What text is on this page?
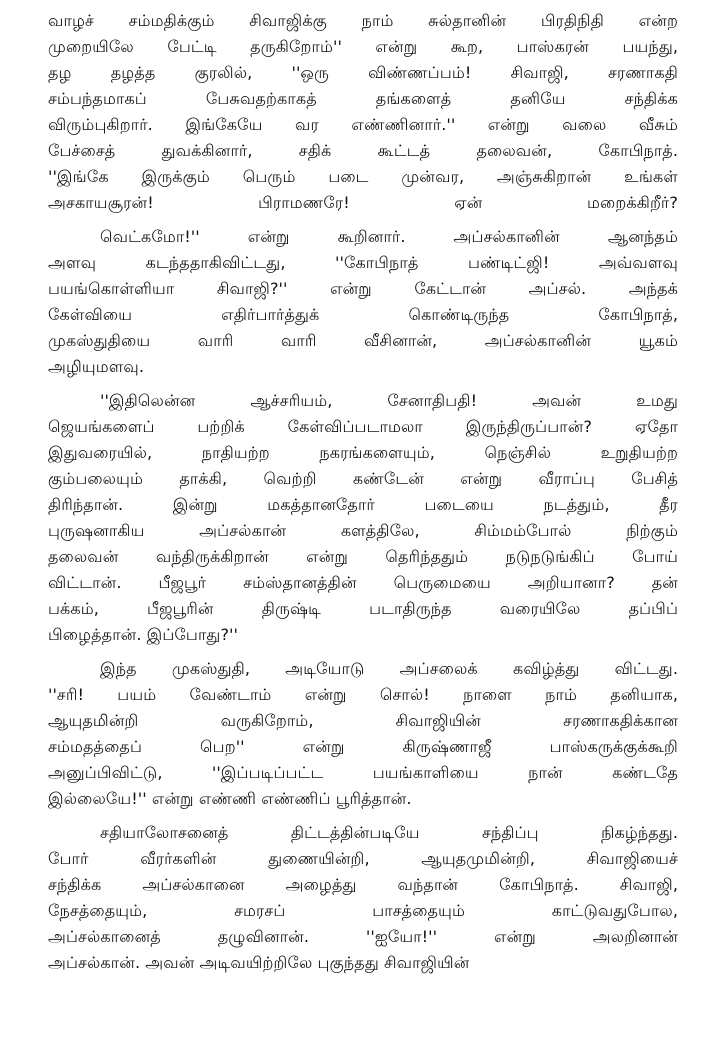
வாழச் சம்மதிக்கும் சிவாஜிக்கு நாம் சுல்தானின் பிரதிநிதி என்ற
முறையிலே பேட்டி தருகிறோம்'' என்று கூற, பாஸ்கரன் பயந்து,
தழ தழத்த குரலில், ''ஒரு விண்ணப்பம்! சிவாஜி, சரணாகதி
சம்பந்தமாகப் பேசுவதற்காகத் தங்களைத் தனியே சந்திக்க
விரும்புகிறார். இங்கேயே வர எண்ணினார்.'' என்று வலை வீசும்
பேச்சைத் துவக்கினார், சதிக் கூட்டத் தலைவன், கோபிநாத்.
''இங்கே இருக்கும் பெரும் படை முன்வர, அஞ்சுகிறான் உங்கள்
அசகாயசூரன்! பிராமணரே! ஏன் மறைக்கிறீர்?
வெட்கமோ!'' என்று கூறினார். அப்சல்கானின் ஆனந்தம்
அளவு கடந்ததாகிவிட்டது, ''கோபிநாத் பண்டிட்ஜி! அவ்வளவு
பயங்கொள்ளியா சிவாஜி?'' என்று கேட்டான் அப்சல். அந்தக்
கேள்வியை எதிர்பார்த்துக் கொண்டிருந்த கோபிநாத்,
முகஸ்துதியை வாரி வாரி வீசினான், அப்சல்கானின் யூகம்
அழியுமளவு.
''இதிலென்ன ஆச்சரியம், சேனாதிபதி! அவன் உமது
ஜெயங்களைப் பற்றிக் கேள்விப்படாமலா இருந்திருப்பான்? ஏதோ
இதுவரையில், நாதியற்ற நகரங்களையும், நெஞ்சில் உறுதியற்ற
கும்பலையும் தாக்கி, வெற்றி கண்டேன் என்று வீராப்பு பேசித்
திரிந்தான். இன்று மகத்தானதோர் படையை நடத்தும், தீர
புருஷனாகிய அப்சல்கான் களத்திலே, சிம்மம்போல் நிற்கும்
தலைவன் வந்திருக்கிறான் என்று தெரிந்ததும் நடுநடுங்கிப் போய்
விட்டான். பீஜபூர் சம்ஸ்தானத்தின் பெருமையை அறியானா? தன்
பக்கம், பீஜபூரின் திருஷ்டி படாதிருந்த வரையிலே தப்பிப்
பிழைத்தான். இப்போது?''
இந்த முகஸ்துதி, அடியோடு அப்சலைக் கவிழ்த்து விட்டது.
''சரி! பயம் வேண்டாம் என்று சொல்! நாளை நாம் தனியாக,
ஆயுதமின்றி வருகிறோம், சிவாஜியின் சரணாகதிக்கான
சம்மதத்தைப் பெற'' என்று கிருஷ்ணாஜீ பாஸ்கருக்குக்கூறி
அனுப்பிவிட்டு, ''இப்படிப்பட்ட பயங்காளியை நான் கண்டதே
இல்லையே!'' என்று எண்ணி எண்ணிப் பூரித்தான்.
சதியாலோசனைத் திட்டத்தின்படியே சந்திப்பு நிகழ்ந்தது.
போர் வீரர்களின் துணையின்றி, ஆயுதமுமின்றி, சிவாஜியைச்
சந்திக்க அப்சல்கானை அழைத்து வந்தான் கோபிநாத். சிவாஜி,
நேசத்தையும், சமரசப் பாசத்தையும் காட்டுவதுபோல,
அப்சல்கானைத் தழுவினான். ''ஐயோ!'' என்று அலறினான்
அப்சல்கான். அவன் அடிவயிற்றிலே புகுந்தது சிவாஜியின்
